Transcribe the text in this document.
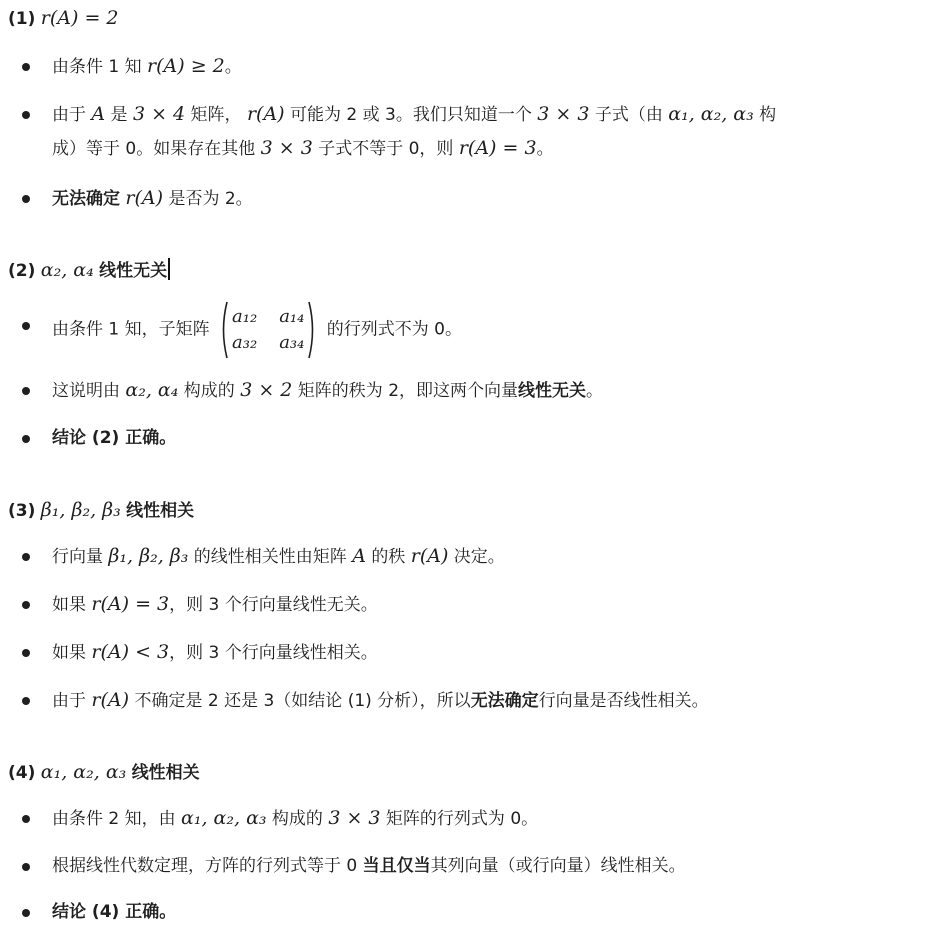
(1) r(A) = 2
由条件 1 知 r(A) ≥ 2。
由于 A 是 3 × 4 矩阵， r(A) 可能为 2 或 3。我们只知道一个 3 × 3 子式（由 α₁, α₂, α₃ 构
成）等于 0。如果存在其他 3 × 3 子式不等于 0，则 r(A) = 3。
无法确定 r(A) 是否为 2。
(2) α₂, α₄ 线性无关
由条件 1 知，子矩阵
a₁₂ a₁₄
a₃₂ a₃₄
的行列式不为 0。
这说明由 α₂, α₄ 构成的 3 × 2 矩阵的秩为 2，即这两个向量线性无关。
结论 (2) 正确。
(3) β₁, β₂, β₃ 线性相关
行向量 β₁, β₂, β₃ 的线性相关性由矩阵 A 的秩 r(A) 决定。
如果 r(A) = 3，则 3 个行向量线性无关。
如果 r(A) < 3，则 3 个行向量线性相关。
由于 r(A) 不确定是 2 还是 3（如结论 (1) 分析），所以无法确定行向量是否线性相关。
(4) α₁, α₂, α₃ 线性相关
由条件 2 知，由 α₁, α₂, α₃ 构成的 3 × 3 矩阵的行列式为 0。
根据线性代数定理，方阵的行列式等于 0 当且仅当其列向量（或行向量）线性相关。
结论 (4) 正确。
